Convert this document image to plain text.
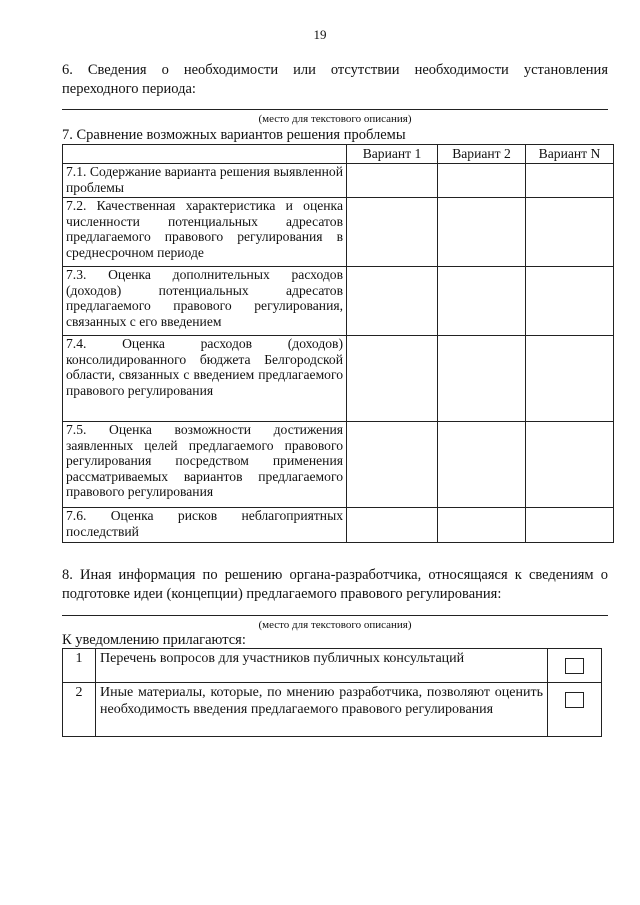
19
6. Сведения о необходимости или отсутствии необходимости установления переходного периода:
(место для текстового описания)
7. Сравнение возможных вариантов решения проблемы
	Вариант 1	Вариант 2	Вариант N
7.1. Содержание варианта решения выявленной проблемы			
7.2. Качественная характеристика и оценка численности потенциальных адресатов предлагаемого правового регулирования в среднесрочном периоде			
7.3. Оценка дополнительных расходов (доходов) потенциальных адресатов предлагаемого правового регулирования, связанных с его введением			
7.4. Оценка расходов (доходов) консолидированного бюджета Белгородской области, связанных с введением предлагаемого правового регулирования			
7.5. Оценка возможности достижения заявленных целей предлагаемого правового регулирования посредством применения рассматриваемых вариантов предлагаемого правового регулирования			
7.6. Оценка рисков неблагоприятных последствий			
8. Иная информация по решению органа-разработчика, относящаяся к сведениям о подготовке идеи (концепции) предлагаемого правового регулирования:
(место для текстового описания)
К уведомлению прилагаются:
1	Перечень вопросов для участников публичных консультаций	
2	Иные материалы, которые, по мнению разработчика, позволяют оценить необходимость введения предлагаемого правового регулирования	
